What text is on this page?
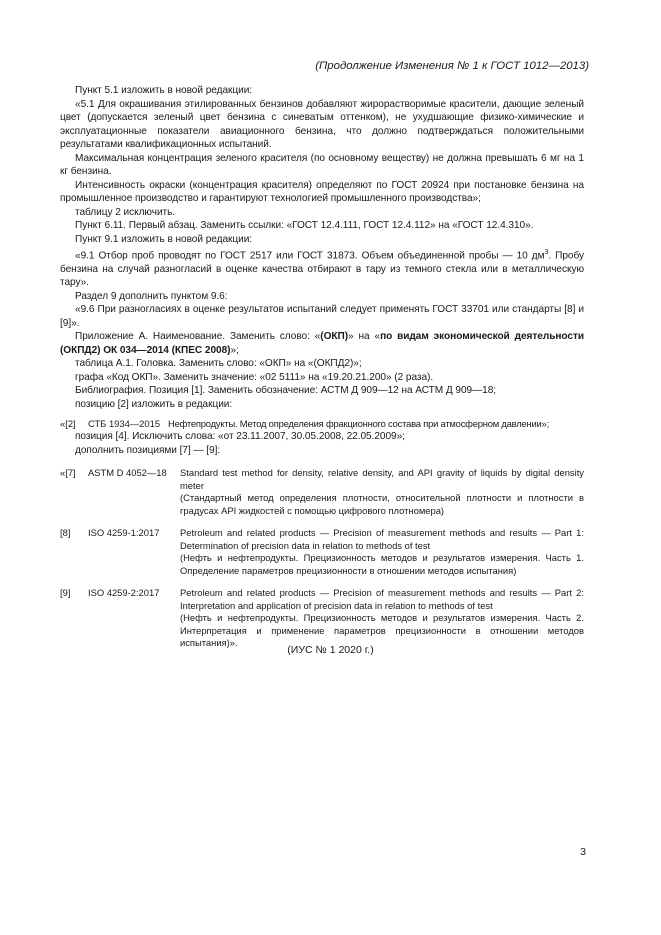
(Продолжение Изменения № 1 к ГОСТ 1012—2013)

Пункт 5.1 изложить в новой редакции:

«5.1 Для окрашивания этилированных бензинов добавляют жирорастворимые красители, дающие зеленый цвет (допускается зеленый цвет бензина с синеватым оттенком), не ухудшающие физико-химические и эксплуатационные показатели авиационного бензина, что должно подтверждаться положительными результатами квалификационных испытаний.

Максимальная концентрация зеленого красителя (по основному веществу) не должна превышать 6 мг на 1 кг бензина.

Интенсивность окраски (концентрация красителя) определяют по ГОСТ 20924 при постановке бензина на промышленное производство и гарантируют технологией промышленного производства»;

таблицу 2 исключить.

Пункт 6.11. Первый абзац. Заменить ссылки: «ГОСТ 12.4.111, ГОСТ 12.4.112» на «ГОСТ 12.4.310».

Пункт 9.1 изложить в новой редакции:

«9.1 Отбор проб проводят по ГОСТ 2517 или ГОСТ 31873. Объем объединенной пробы — 10 $дм^3$. Пробу бензина на случай разногласий в оценке качества отбирают в тару из темного стекла или в металлическую тару».

Раздел 9 дополнить пунктом 9.6:

«9.6 При разногласиях в оценке результатов испытаний следует применять ГОСТ 33701 или стандарты [8] и [9]».

Приложение А. Наименование. Заменить слово: «(ОКП)» на «по видам экономической деятельности (ОКПД2) ОК 034—2014 (КПЕС 2008)»;

таблица А.1. Головка. Заменить слово: «ОКП» на «(ОКПД2)»;

графа «Код ОКП». Заменить значение: «02 5111» на «19.20.21.200» (2 раза).

Библиография. Позиция [1]. Заменить обозначение: АСТМ Д 909—12 на АСТМ Д 909—18;

позицию [2] изложить в редакции:

«[2]	СТБ 1934—2015 Нефтепродукты. Метод определения фракционного состава при атмосферном давлении»;

позиция [4]. Исключить слова: «от 23.11.2007, 30.05.2008, 22.05.2009»;

дополнить позициями [7] — [9]:

«[7]	ASTM D 4052—18	Standard test method for density, relative density, and API gravity of liquids by digital density meter
(Стандартный метод определения плотности, относительной плотности и плотности в градусах API жидкостей с помощью цифрового плотномера)
[8]	ISO 4259-1:2017	Petroleum and related products — Precision of measurement methods and results — Part 1: Determination of precision data in relation to methods of test
(Нефть и нефтепродукты. Прецизионность методов и результатов измерения. Часть 1. Определение параметров прецизионности в отношении методов испытания)
[9]	ISO 4259-2:2017	Petroleum and related products — Precision of measurement methods and results — Part 2: Interpretation and application of precision data in relation to methods of test
(Нефть и нефтепродукты. Прецизионность методов и результатов измерения. Часть 2. Интерпретация и применение параметров прецизионности в отношении методов испытания)».
(ИУС № 1 2020 г.)
3
